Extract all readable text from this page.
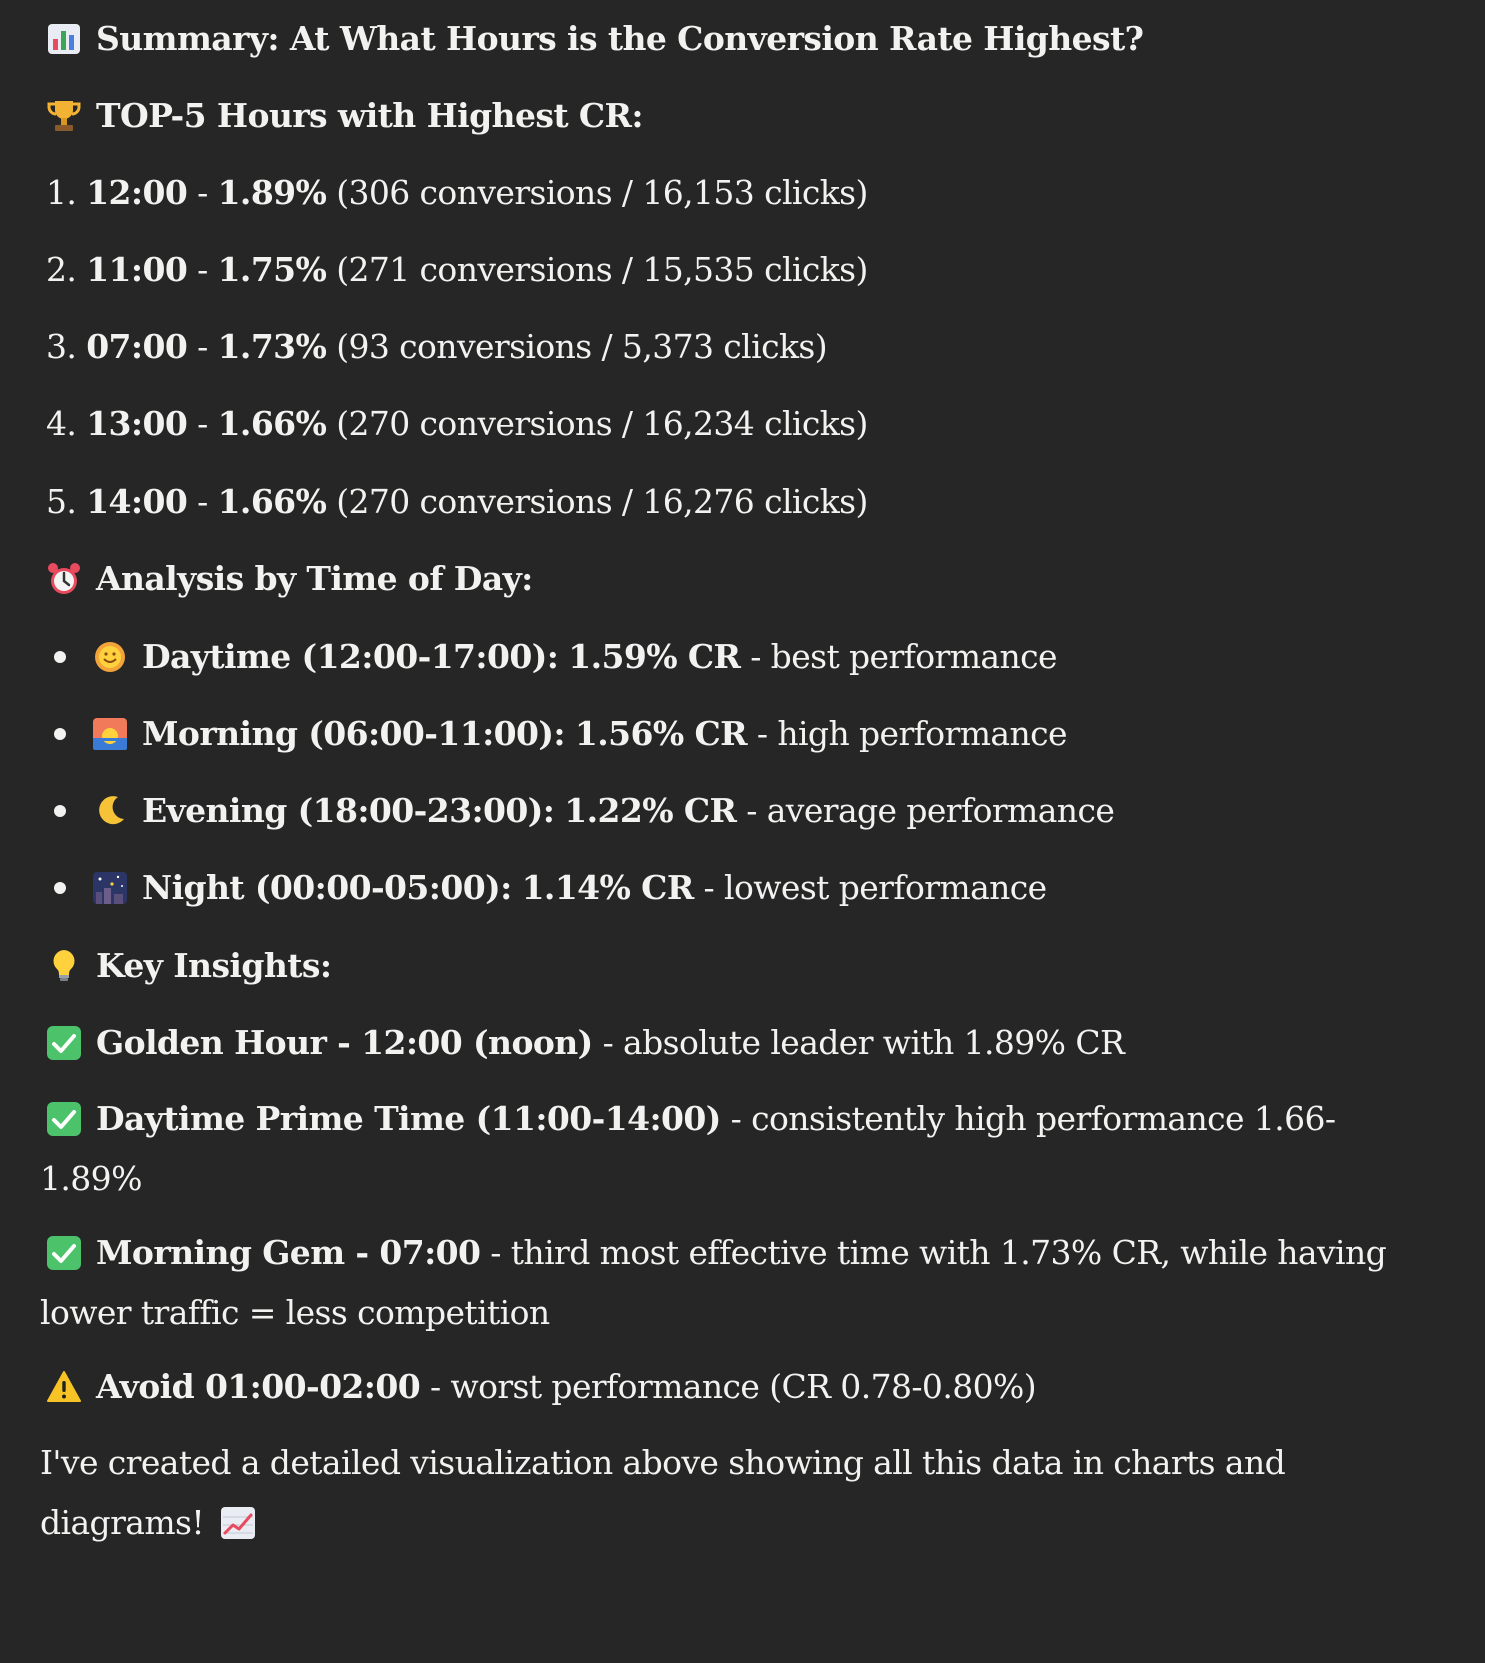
Summary: At What Hours is the Conversion Rate Highest?
TOP-5 Hours with Highest CR:
1. 12:00 - 1.89% (306 conversions / 16,153 clicks)
2. 11:00 - 1.75% (271 conversions / 15,535 clicks)
3. 07:00 - 1.73% (93 conversions / 5,373 clicks)
4. 13:00 - 1.66% (270 conversions / 16,234 clicks)
5. 14:00 - 1.66% (270 conversions / 16,276 clicks)
Analysis by Time of Day:
Daytime (12:00-17:00): 1.59% CR - best performance
Morning (06:00-11:00): 1.56% CR - high performance
Evening (18:00-23:00): 1.22% CR - average performance
Night (00:00-05:00): 1.14% CR - lowest performance
Key Insights:
Golden Hour - 12:00 (noon) - absolute leader with 1.89% CR
Daytime Prime Time (11:00-14:00) - consistently high performance 1.66-1.89%
Morning Gem - 07:00 - third most effective time with 1.73% CR, while having lower traffic = less competition
Avoid 01:00-02:00 - worst performance (CR 0.78-0.80%)
I've created a detailed visualization above showing all this data in charts and diagrams!
